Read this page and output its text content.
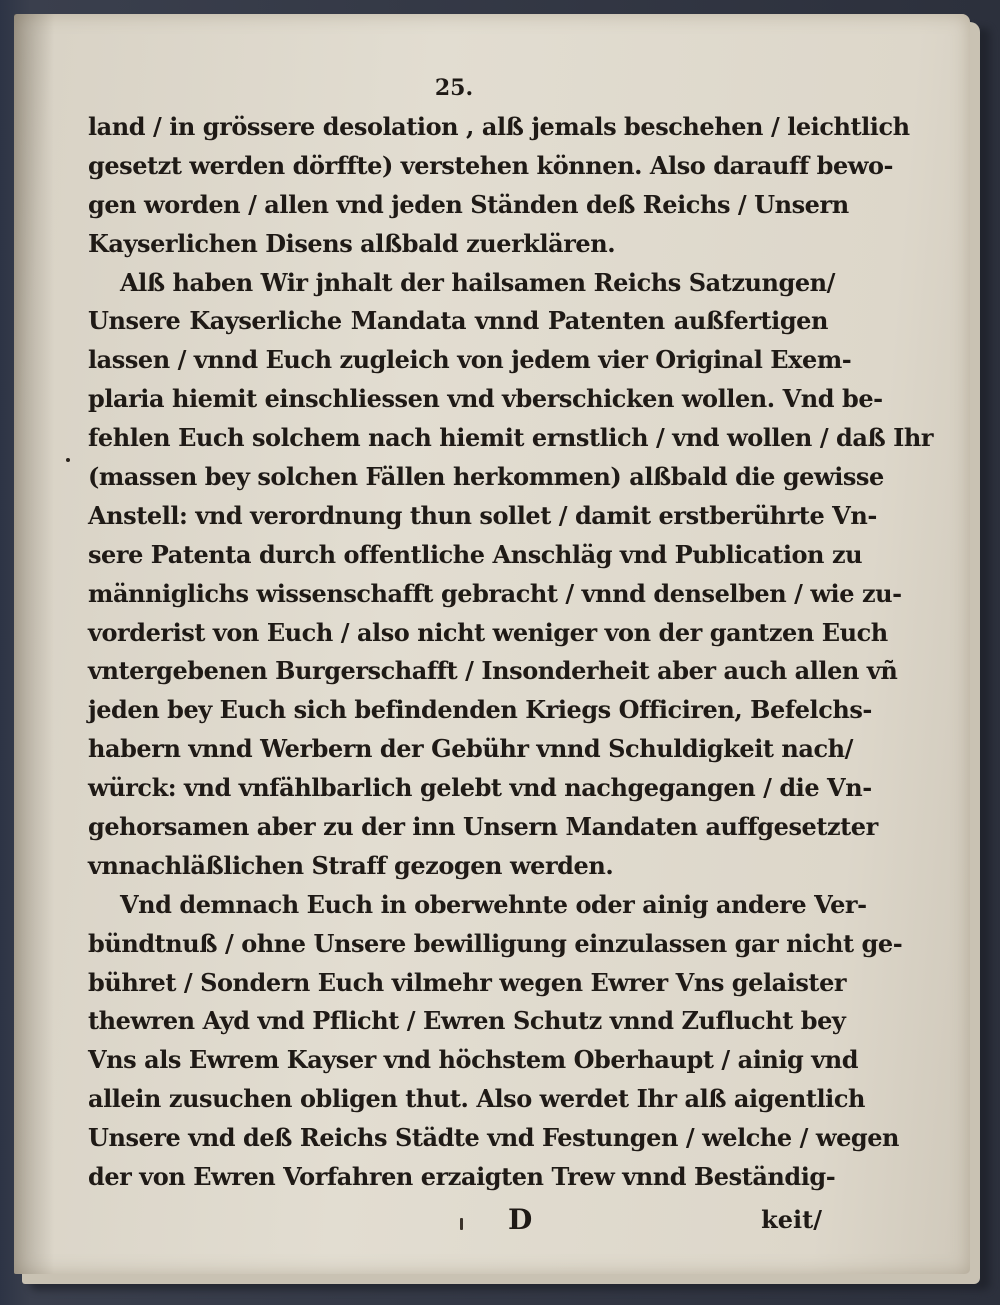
25.
land / in grössere desolation , alß jemals beschehen / leichtlich
gesetzt werden dörffte) verstehen können. Also darauff bewo-
gen worden / allen vnd jeden Ständen deß Reichs / Unsern
Kayserlichen Disens alßbald zuerklären.
Alß haben Wir jnhalt der hailsamen Reichs Satzungen/
Unsere Kayserliche Mandata vnnd Patenten außfertigen
lassen / vnnd Euch zugleich von jedem vier Original Exem-
plaria hiemit einschliessen vnd vberschicken wollen. Vnd be-
fehlen Euch solchem nach hiemit ernstlich / vnd wollen / daß Ihr
(massen bey solchen Fällen herkommen) alßbald die gewisse
Anstell: vnd verordnung thun sollet / damit erstberührte Vn-
sere Patenta durch offentliche Anschläg vnd Publication zu
männiglichs wissenschafft gebracht / vnnd denselben / wie zu-
vorderist von Euch / also nicht weniger von der gantzen Euch
vntergebenen Burgerschafft / Insonderheit aber auch allen vñ
jeden bey Euch sich befindenden Kriegs Officiren, Befelchs-
habern vnnd Werbern der Gebühr vnnd Schuldigkeit nach/
würck: vnd vnfählbarlich gelebt vnd nachgegangen / die Vn-
gehorsamen aber zu der inn Unsern Mandaten auffgesetzter
vnnachläßlichen Straff gezogen werden.
Vnd demnach Euch in oberwehnte oder ainig andere Ver-
bündtnuß / ohne Unsere bewilligung einzulassen gar nicht ge-
bühret / Sondern Euch vilmehr wegen Ewrer Vns gelaister
thewren Ayd vnd Pflicht / Ewren Schutz vnnd Zuflucht bey
Vns als Ewrem Kayser vnd höchstem Oberhaupt / ainig vnd
allein zusuchen obligen thut. Also werdet Ihr alß aigentlich
Unsere vnd deß Reichs Städte vnd Festungen / welche / wegen
der von Ewren Vorfahren erzaigten Trew vnnd Beständig-
D	keit/
